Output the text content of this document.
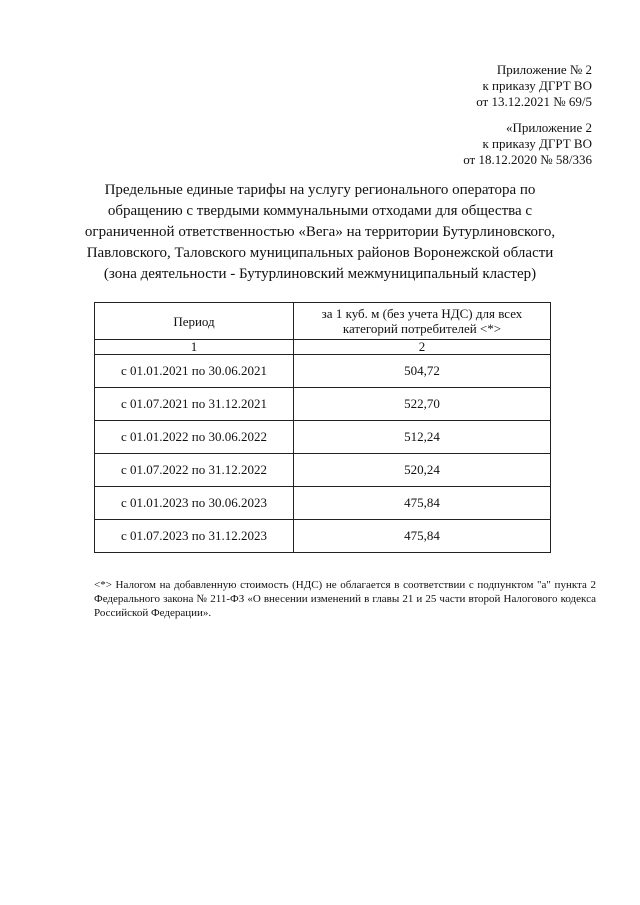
Приложение № 2
к приказу ДГРТ ВО
от 13.12.2021 № 69/5
«Приложение 2
к приказу ДГРТ ВО
от 18.12.2020 № 58/336
Предельные единые тарифы на услугу регионального оператора по
обращению с твердыми коммунальными отходами для общества с
ограниченной ответственностью «Вега» на территории Бутурлиновского,
Павловского, Таловского муниципальных районов Воронежской области
(зона деятельности - Бутурлиновский межмуниципальный кластер)
Период	за 1 куб. м (без учета НДС) для всех
категорий потребителей <*>

1	2
с 01.01.2021 по 30.06.2021	504,72
с 01.07.2021 по 31.12.2021	522,70
с 01.01.2022 по 30.06.2022	512,24
с 01.07.2022 по 31.12.2022	520,24
с 01.01.2023 по 30.06.2023	475,84
с 01.07.2023 по 31.12.2023	475,84
<*> Налогом на добавленную стоимость (НДС) не облагается в соответствии с подпунктом "а" пункта 2 Федерального закона № 211-ФЗ «О внесении изменений в главы 21 и 25 части второй Налогового кодекса Российской Федерации».
